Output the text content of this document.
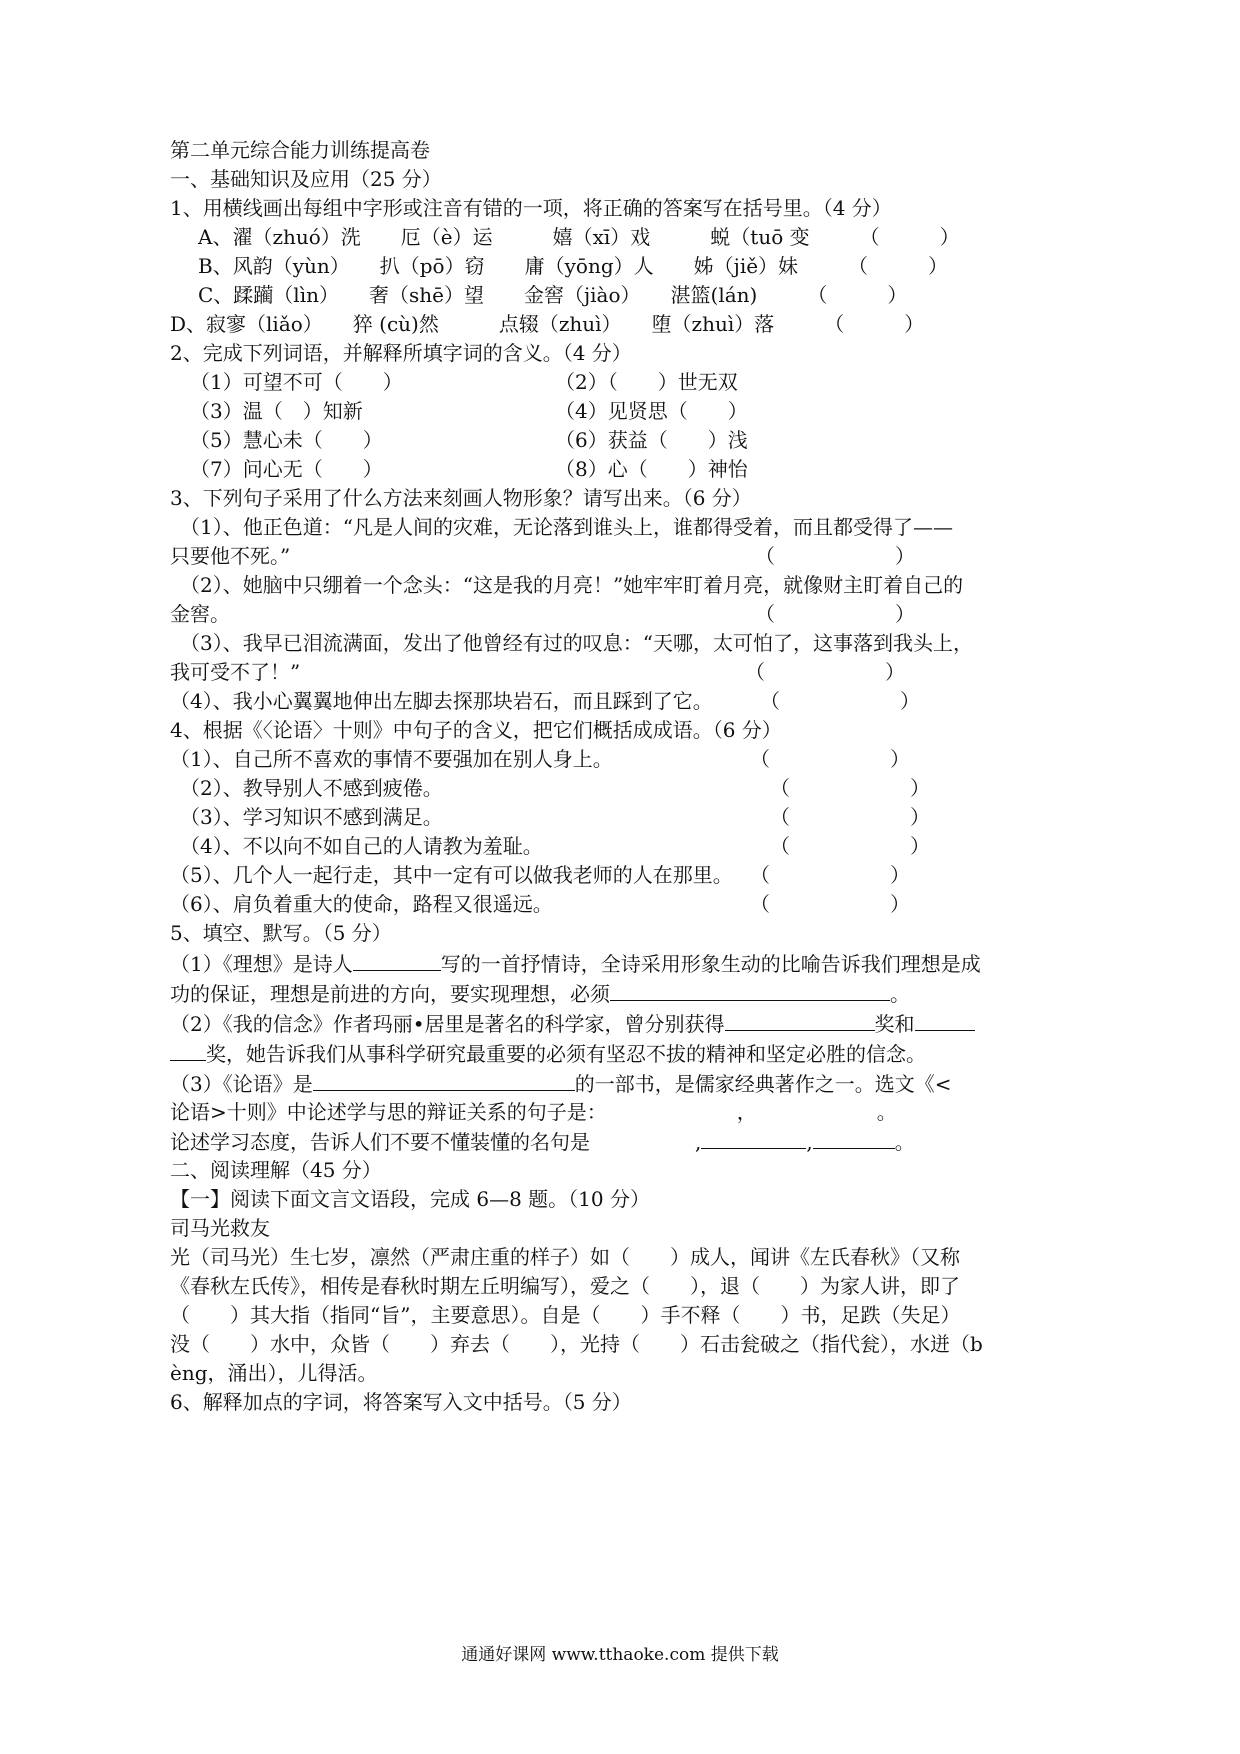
第二单元综合能力训练提高卷
一、基础知识及应用（25 分）
1、用横线画出每组中字形或注音有错的一项，将正确的答案写在括号里。（4 分）
A、濯（zhuó）洗　　厄（è）运　　　嬉（xī）戏　　　蜕（tuō 变　　　（　　　）
B、风韵（yùn）　　扒（pō）窃　　庸（yōng）人　　姊（jiě）妹　　　（　　　）
C、蹂躏（lìn）　　奢（shē）望　　金窖（jiào）　　湛篮(lán)　　　（　　　）
D、寂寥（liǎo）　　猝 (cù)然　　　点辍（zhuì）　　堕（zhuì）落　　　（　　　）
2、完成下列词语，并解释所填字词的含义。（4 分）
（1）可望不可（　　）	（2）（　　）世无双
（3）温（　）知新	（4）见贤思（　　）
（5）慧心未（　　）	（6）获益（　　）浅
（7）问心无（　　）	（8）心（　　）神怡
3、下列句子采用了什么方法来刻画人物形象？请写出来。（6 分）
（1）、他正色道：“凡是人间的灾难，无论落到谁头上，谁都得受着，而且都受得了——
只要他不死。”	（　　　　　　）
（2）、她脑中只绷着一个念头：“这是我的月亮！”她牢牢盯着月亮，就像财主盯着自己的
金窖。	（　　　　　　）
（3）、我早已泪流满面，发出了他曾经有过的叹息：“天哪，太可怕了，这事落到我头上，
我可受不了！”	（　　　　　　）
（4）、我小心翼翼地伸出左脚去探那块岩石，而且踩到了它。 （　　　　　　）
4、根据《〈论语〉十则》中句子的含义，把它们概括成成语。（6 分）
（1）、自己所不喜欢的事情不要强加在别人身上。	（　　　　　　）
（2）、教导别人不感到疲倦。	（　　　　　　）
（3）、学习知识不感到满足。	（　　　　　　）
（4）、不以向不如自己的人请教为羞耻。	（　　　　　　）
（5）、几个人一起行走，其中一定有可以做我老师的人在那里。 （　　　　　　）
（6）、肩负着重大的使命，路程又很遥远。	（　　　　　　）
5、填空、默写。（5 分）
（1）《理想》是诗人	写的一首抒情诗，全诗采用形象生动的比喻告诉我们理想是成
功的保证，理想是前进的方向，要实现理想，必须	。
（2）《我的信念》作者玛丽•居里是著名的科学家，曾分别获得	奖和
奖，她告诉我们从事科学研究最重要的必须有坚忍不拔的精神和坚定必胜的信念。
（3）《论语》是	的一部书，是儒家经典著作之一。选文《<
论语>十则》中论述学与思的辩证关系的句子是：	，	。
论述学习态度，告诉人们不要不懂装懂的名句是	,	,	。
二、阅读理解（45 分）
【一】阅读下面文言文语段，完成 6—8 题。（10 分）
司马光救友
光（司马光）生七岁，凛然（严肃庄重的样子）如（　　）成人，闻讲《左氏春秋》（又称
《春秋左氏传》，相传是春秋时期左丘明编写），爱之（　　），退（　　）为家人讲，即了
（　　）其大指（指同“旨”，主要意思）。自是（　　）手不释（　　）书，足跌（失足）
没（　　）水中，众皆（　　）弃去（　　），光持（　　）石击瓮破之（指代瓮），水迸（b
èng，涌出），儿得活。
6、解释加点的字词，将答案写入文中括号。（5 分）
通通好课网 www.tthaoke.com 提供下载
